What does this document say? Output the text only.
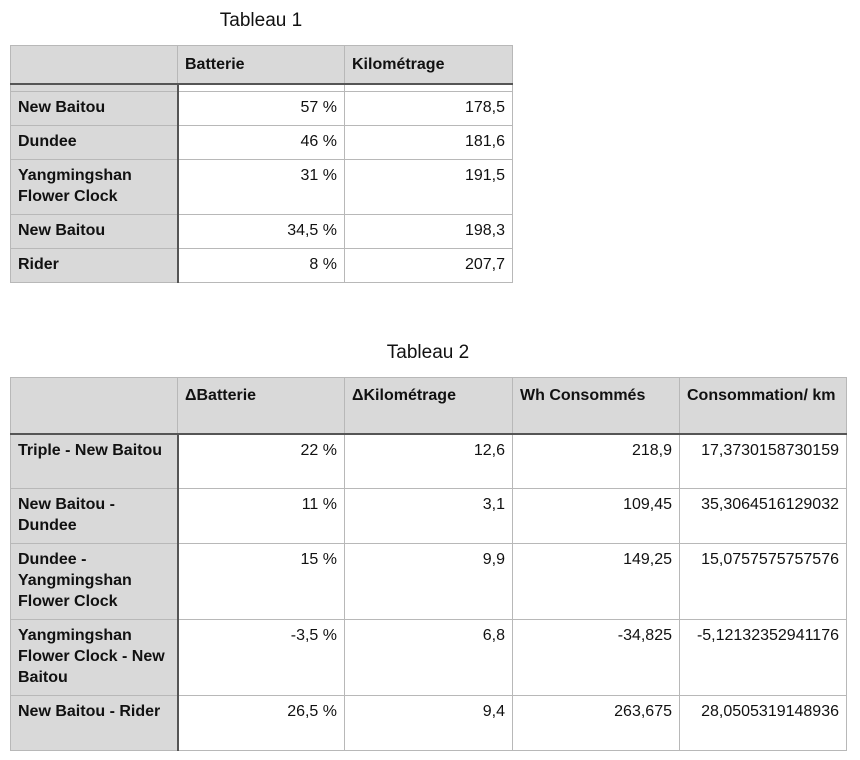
Tableau 1
	Batterie	Kilométrage

New Baitou	57 %	178,5
Dundee	46 %	181,6
Yangmingshan Flower Clock	31 %	191,5
New Baitou	34,5 %	198,3
Rider	8 %	207,7
Tableau 2
	ΔBatterie	ΔKilométrage	Wh Consommés	Consommation/ km
Triple - New Baitou	22 %	12,6	218,9	17,3730158730159
New Baitou - Dundee	11 %	3,1	109,45	35,3064516129032
Dundee - Yangmingshan Flower Clock	15 %	9,9	149,25	15,0757575757576
Yangmingshan Flower Clock - New Baitou	-3,5 %	6,8	-34,825	-5,12132352941176
New Baitou - Rider	26,5 %	9,4	263,675	28,0505319148936
